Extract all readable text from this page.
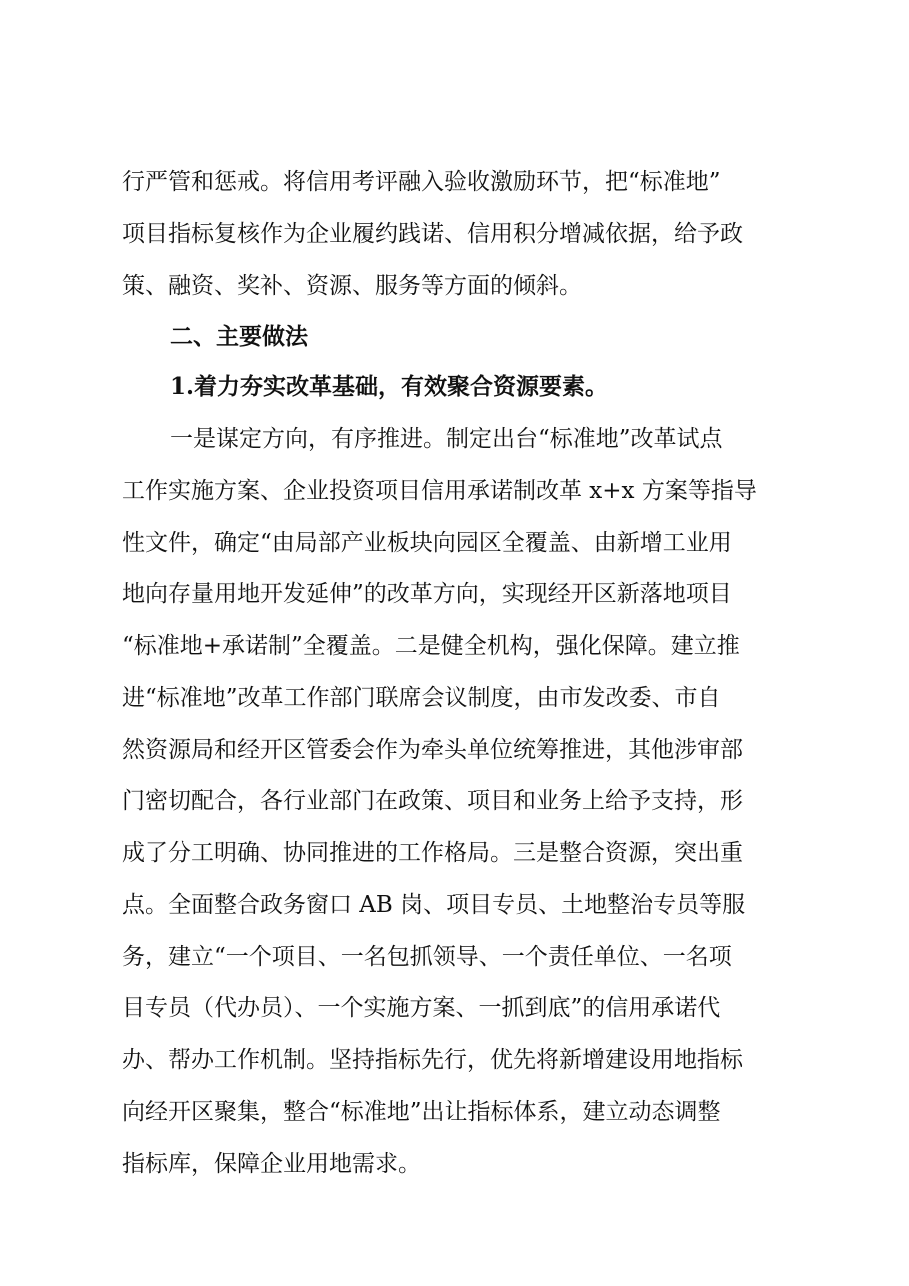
行严管和惩戒。将信用考评融入验收激励环节，把“标准地”
项目指标复核作为企业履约践诺、信用积分增减依据，给予政
策、融资、奖补、资源、服务等方面的倾斜。
二、主要做法
1.着力夯实改革基础，有效聚合资源要素。
一是谋定方向，有序推进。制定出台“标准地”改革试点
工作实施方案、企业投资项目信用承诺制改革 x+x 方案等指导
性文件，确定“由局部产业板块向园区全覆盖、由新增工业用
地向存量用地开发延伸”的改革方向，实现经开区新落地项目
“标准地+承诺制”全覆盖。二是健全机构，强化保障。建立推
进“标准地”改革工作部门联席会议制度，由市发改委、市自
然资源局和经开区管委会作为牵头单位统筹推进，其他涉审部
门密切配合，各行业部门在政策、项目和业务上给予支持，形
成了分工明确、协同推进的工作格局。三是整合资源，突出重
点。全面整合政务窗口 AB 岗、项目专员、土地整治专员等服
务，建立“一个项目、一名包抓领导、一个责任单位、一名项
目专员（代办员）、一个实施方案、一抓到底”的信用承诺代
办、帮办工作机制。坚持指标先行，优先将新增建设用地指标
向经开区聚集，整合“标准地”出让指标体系，建立动态调整
指标库，保障企业用地需求。
